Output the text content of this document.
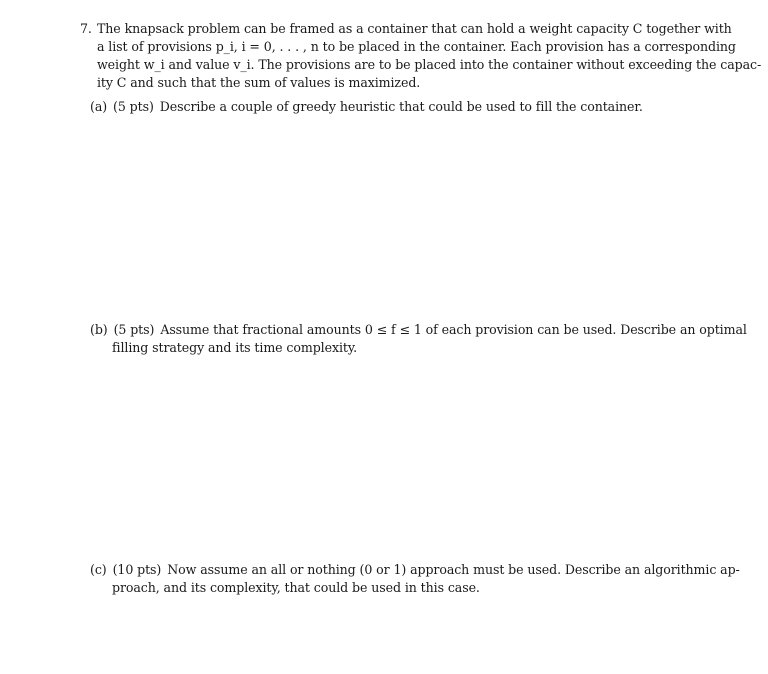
7. The knapsack problem can be framed as a container that can hold a weight capacity C together with
a list of provisions p_i, i = 0, . . . , n to be placed in the container. Each provision has a corresponding
weight w_i and value v_i. The provisions are to be placed into the container without exceeding the capac-
ity C and such that the sum of values is maximized.
(a) (5 pts) Describe a couple of greedy heuristic that could be used to fill the container.
(b) (5 pts) Assume that fractional amounts 0 ≤ f ≤ 1 of each provision can be used. Describe an optimal
filling strategy and its time complexity.
(c) (10 pts) Now assume an all or nothing (0 or 1) approach must be used. Describe an algorithmic ap-
proach, and its complexity, that could be used in this case.
